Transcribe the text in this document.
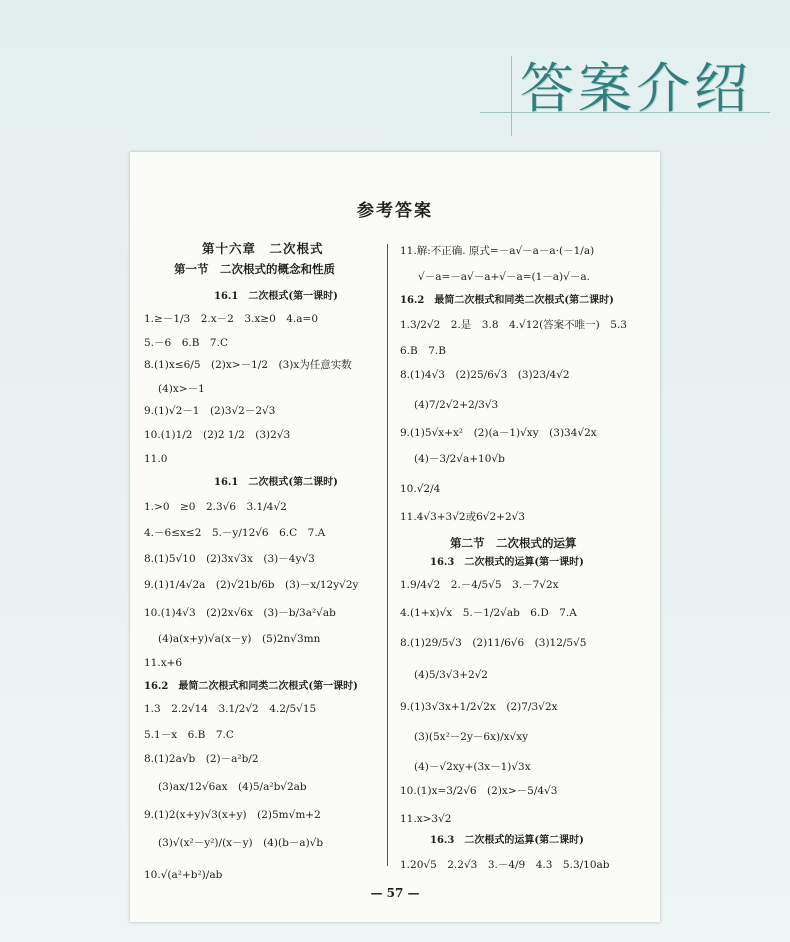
答案介绍
参考答案
第十六章　二次根式
第一节　二次根式的概念和性质
16.1　二次根式(第一课时)
1.≥－1/3　2.x－2　3.x≥0　4.a=0
5.－6　6.B　7.C
8.(1)x≤6/5　(2)x>－1/2　(3)x为任意实数
(4)x>－1
9.(1)√2－1　(2)3√2－2√3
10.(1)1/2　(2)2 1/2　(3)2√3
11.0
16.1　二次根式(第二课时)
1.>0　≥0　2.3√6　3.1/4√2
4.－6≤x≤2　5.－y/12√6　6.C　7.A
8.(1)5√10　(2)3x√3x　(3)－4y√3
9.(1)1/4√2a　(2)√21b/6b　(3)－x/12y√2y
10.(1)4√3　(2)2x√6x　(3)－b/3a²√ab
(4)a(x+y)√a(x－y)　(5)2n√3mn
11.x+6
16.2　最简二次根式和同类二次根式(第一课时)
1.3　2.2√14　3.1/2√2　4.2/5√15
5.1－x　6.B　7.C
8.(1)2a√b　(2)－a²b/2
(3)ax/12√6ax　(4)5/a²b√2ab
9.(1)2(x+y)√3(x+y)　(2)5m√m+2
(3)√(x²－y²)/(x－y)　(4)(b－a)√b
10.√(a²+b²)/ab
11.解:不正确. 原式=－a√－a－a·(－1/a)
√－a=－a√－a+√－a=(1－a)√－a.
16.2　最简二次根式和同类二次根式(第二课时)
1.3/2√2　2.是　3.8　4.√12(答案不唯一)　5.3
6.B　7.B
8.(1)4√3　(2)25/6√3　(3)23/4√2
(4)7/2√2+2/3√3
9.(1)5√x+x²　(2)(a－1)√xy　(3)34√2x
(4)－3/2√a+10√b
10.√2/4
11.4√3+3√2或6√2+2√3
第二节　二次根式的运算
16.3　二次根式的运算(第一课时)
1.9/4√2　2.－4/5√5　3.－7√2x
4.(1+x)√x　5.－1/2√ab　6.D　7.A
8.(1)29/5√3　(2)11/6√6　(3)12/5√5
(4)5/3√3+2√2
9.(1)3√3x+1/2√2x　(2)7/3√2x
(3)(5x²－2y－6x)/x√xy
(4)－√2xy+(3x－1)√3x
10.(1)x=3/2√6　(2)x>－5/4√3
11.x>3√2
16.3　二次根式的运算(第二课时)
1.20√5　2.2√3　3.－4/9　4.3　5.3/10ab
— 57 —
